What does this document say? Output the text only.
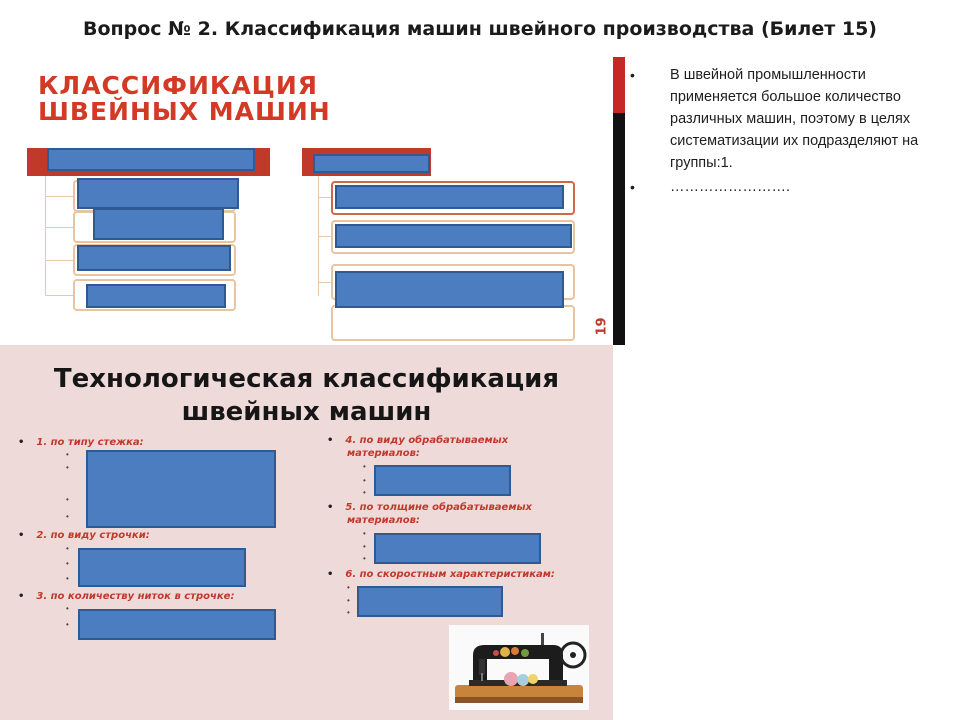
Вопрос № 2. Классификация машин швейного производства (Билет 15)
КЛАССИФИКАЦИЯ
ШВЕЙНЫХ МАШИН
19
• В швейной промышленности применяется большое количество различных машин, поэтому в целях систематизации их подразделяют на группы:1.
• …………………….
Технологическая классификация швейных машин
• 1. по типу стежка:
• 2. по виду строчки:
• 3. по количеству ниток в строчке:
• 4. по виду обрабатываемых материалов:
• 5. по толщине обрабатываемых материалов:
• 6. по скоростным характеристикам:
•
•
•
•
•
•
•
•
•
•
•
•
•
•
•
•
•
•
